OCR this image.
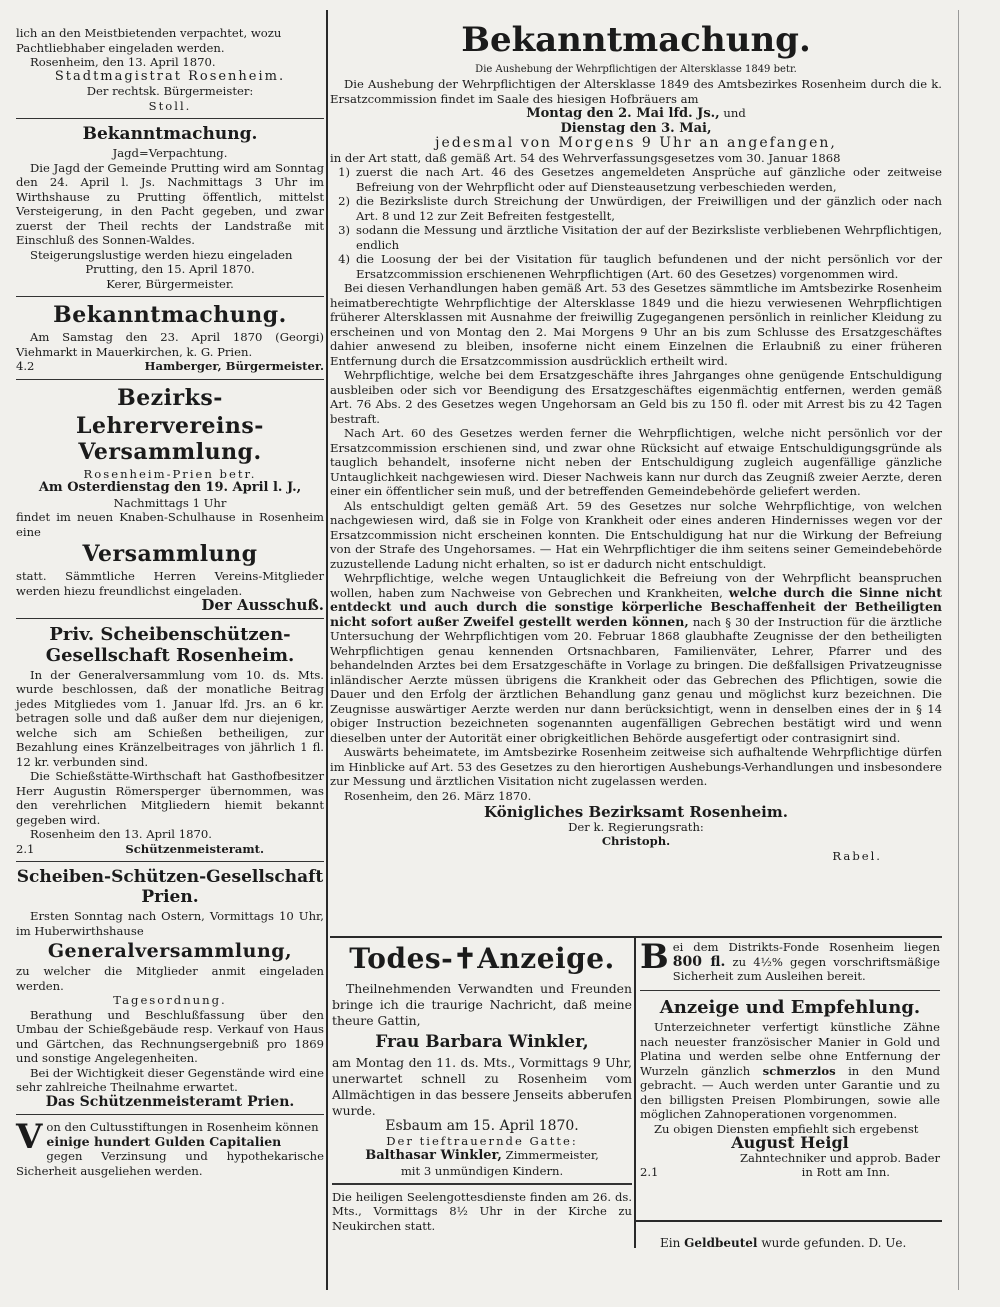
lich an den Meistbietenden verpachtet, wozu

Pachtliebhaber eingeladen werden.

Rosenheim, den 13. April 1870.

Stadtmagistrat Rosenheim.

Der rechtsk. Bürgermeister:

Stoll.

Bekanntmachung.

Jagd=Verpachtung.

Die Jagd der Gemeinde Prutting wird am Sonntag den 24. April l. Js. Nachmittags 3 Uhr im Wirthshause zu Prutting öffentlich, mittelst Versteigerung, in den Pacht gegeben, und zwar zuerst der Theil rechts der Landstraße mit Einschluß des Sonnen-Waldes.

Steigerungslustige werden hiezu eingeladen

Prutting, den 15. April 1870.

Kerer, Bürgermeister.

Bekanntmachung.

Am Samstag den 23. April 1870 (Georgi) Viehmarkt in Mauerkirchen, k. G. Prien.

4.2	Hamberger, Bürgermeister.
Bezirks-
Lehrervereins-Versammlung.

Rosenheim-Prien betr.

Am Osterdienstag den 19. April l. J.,

Nachmittags 1 Uhr

findet im neuen Knaben-Schulhause in Rosenheim eine

Versammlung

statt. Sämmtliche Herren Vereins-Mitglieder werden hiezu freundlichst eingeladen.

Der Ausschuß.

Priv. Scheibenschützen-Gesellschaft Rosenheim.

In der Generalversammlung vom 10. ds. Mts. wurde beschlossen, daß der monatliche Beitrag jedes Mitgliedes vom 1. Januar lfd. Jrs. an 6 kr. betragen solle und daß außer dem nur diejenigen, welche sich am Schießen betheiligen, zur Bezahlung eines Kränzelbeitrages von jährlich 1 fl. 12 kr. verbunden sind.

Die Schießstätte-Wirthschaft hat Gasthofbesitzer Herr Augustin Römersperger übernommen, was den verehrlichen Mitgliedern hiemit bekannt gegeben wird.

Rosenheim den 13. April 1870.

2.1	Schützenmeisteramt.
Scheiben-Schützen-Gesellschaft Prien.

Ersten Sonntag nach Ostern, Vormittags 10 Uhr, im Huberwirthshause

Generalversammlung,

zu welcher die Mitglieder anmit eingeladen werden.

Tagesordnung.

Berathung und Beschlußfassung über den Umbau der Schießgebäude resp. Verkauf von Haus und Gärtchen, das Rechnungsergebniß pro 1869 und sonstige Angelegenheiten.

Bei der Wichtigkeit dieser Gegenstände wird eine sehr zahlreiche Theilnahme erwartet.

Das Schützenmeisteramt Prien.

V on den Cultusstiftungen in Rosenheim können

einige hundert Gulden Capitalien

gegen Verzinsung und hypothekarische Sicherheit ausgeliehen werden.

Bekanntmachung.

Die Aushebung der Wehrpflichtigen der Altersklasse 1849 betr.

Die Aushebung der Wehrpflichtigen der Altersklasse 1849 des Amtsbezirkes Rosenheim durch die k. Ersatzcommission findet im Saale des hiesigen Hofbräuers am

Montag den 2. Mai lfd. Js., und

Dienstag den 3. Mai,

jedesmal von Morgens 9 Uhr an angefangen,

in der Art statt, daß gemäß Art. 54 des Wehrverfassungsgesetzes vom 30. Januar 1868

1) zuerst die nach Art. 46 des Gesetzes angemeldeten Ansprüche auf gänzliche oder zeitweise Befreiung von der Wehrpflicht oder auf Diensteausetzung verbeschieden werden,
2) die Bezirksliste durch Streichung der Unwürdigen, der Freiwilligen und der gänzlich oder nach Art. 8 und 12 zur Zeit Befreiten festgestellt,
3) sodann die Messung und ärztliche Visitation der auf der Bezirksliste verbliebenen Wehrpflichtigen, endlich
4) die Loosung der bei der Visitation für tauglich befundenen und der nicht persönlich vor der Ersatzcommission erschienenen Wehrpflichtigen (Art. 60 des Gesetzes) vorgenommen wird.

Bei diesen Verhandlungen haben gemäß Art. 53 des Gesetzes sämmtliche im Amtsbezirke Rosenheim heimatberechtigte Wehrpflichtige der Altersklasse 1849 und die hiezu verwiesenen Wehrpflichtigen früherer Altersklassen mit Ausnahme der freiwillig Zugegangenen persönlich in reinlicher Kleidung zu erscheinen und von Montag den 2. Mai Morgens 9 Uhr an bis zum Schlusse des Ersatzgeschäftes dahier anwesend zu bleiben, insoferne nicht einem Einzelnen die Erlaubniß zu einer früheren Entfernung durch die Ersatzcommission ausdrücklich ertheilt wird.

Wehrpflichtige, welche bei dem Ersatzgeschäfte ihres Jahrganges ohne genügende Entschuldigung ausbleiben oder sich vor Beendigung des Ersatzgeschäftes eigenmächtig entfernen, werden gemäß Art. 76 Abs. 2 des Gesetzes wegen Ungehorsam an Geld bis zu 150 fl. oder mit Arrest bis zu 42 Tagen bestraft.

Nach Art. 60 des Gesetzes werden ferner die Wehrpflichtigen, welche nicht persönlich vor der Ersatzcommission erschienen sind, und zwar ohne Rücksicht auf etwaige Entschuldigungsgründe als tauglich behandelt, insoferne nicht neben der Entschuldigung zugleich augenfällige gänzliche Untauglichkeit nachgewiesen wird. Dieser Nachweis kann nur durch das Zeugniß zweier Aerzte, deren einer ein öffentlicher sein muß, und der betreffenden Gemeindebehörde geliefert werden.

Als entschuldigt gelten gemäß Art. 59 des Gesetzes nur solche Wehrpflichtige, von welchen nachgewiesen wird, daß sie in Folge von Krankheit oder eines anderen Hindernisses wegen vor der Ersatzcommission nicht erscheinen konnten. Die Entschuldigung hat nur die Wirkung der Befreiung von der Strafe des Ungehorsames. — Hat ein Wehrpflichtiger die ihm seitens seiner Gemeindebehörde zuzustellende Ladung nicht erhalten, so ist er dadurch nicht entschuldigt.

Wehrpflichtige, welche wegen Untauglichkeit die Befreiung von der Wehrpflicht beanspruchen wollen, haben zum Nachweise von Gebrechen und Krankheiten, welche durch die Sinne nicht entdeckt und auch durch die sonstige körperliche Beschaffenheit der Betheiligten nicht sofort außer Zweifel gestellt werden können, nach § 30 der Instruction für die ärztliche Untersuchung der Wehrpflichtigen vom 20. Februar 1868 glaubhafte Zeugnisse der den betheiligten Wehrpflichtigen genau kennenden Ortsnachbaren, Familienväter, Lehrer, Pfarrer und des behandelnden Arztes bei dem Ersatzgeschäfte in Vorlage zu bringen. Die deßfallsigen Privatzeugnisse inländischer Aerzte müssen übrigens die Krankheit oder das Gebrechen des Pflichtigen, sowie die Dauer und den Erfolg der ärztlichen Behandlung ganz genau und möglichst kurz bezeichnen. Die Zeugnisse auswärtiger Aerzte werden nur dann berücksichtigt, wenn in denselben eines der in § 14 obiger Instruction bezeichneten sogenannten augenfälligen Gebrechen bestätigt wird und wenn dieselben unter der Autorität einer obrigkeitlichen Behörde ausgefertigt oder contrasignirt sind.

Auswärts beheimatete, im Amtsbezirke Rosenheim zeitweise sich aufhaltende Wehrpflichtige dürfen im Hinblicke auf Art. 53 des Gesetzes zu den hierortigen Aushebungs-Verhandlungen und insbesondere zur Messung und ärztlichen Visitation nicht zugelassen werden.

Rosenheim, den 26. März 1870.

Königliches Bezirksamt Rosenheim.

Der k. Regierungsrath:

Christoph.

Rabel.

Todes-✝Anzeige.

Theilnehmenden Verwandten und Freunden bringe ich die traurige Nachricht, daß meine theure Gattin,

Frau Barbara Winkler,

am Montag den 11. ds. Mts., Vormittags 9 Uhr, unerwartet schnell zu Rosenheim vom Allmächtigen in das bessere Jenseits abberufen wurde.

Esbaum am 15. April 1870.

Der tieftrauernde Gatte:

Balthasar Winkler, Zimmermeister,

mit 3 unmündigen Kindern.

Die heiligen Seelengottesdienste finden am 26. ds. Mts., Vormittags 8½ Uhr in der Kirche zu Neukirchen statt.

B ei dem Distrikts-Fonde Rosenheim liegen 800 fl. zu 4½% gegen vorschriftsmäßige Sicherheit zum Ausleihen bereit.

Anzeige und Empfehlung.

Unterzeichneter verfertigt künstliche Zähne nach neuester französischer Manier in Gold und Platina und werden selbe ohne Entfernung der Wurzeln gänzlich schmerzlos in den Mund gebracht. — Auch werden unter Garantie und zu den billigsten Preisen Plombirungen, sowie alle möglichen Zahnoperationen vorgenommen.

Zu obigen Diensten empfiehlt sich ergebenst

August Heigl

Zahntechniker und approb. Bader

2.1	in Rott am Inn.

Ein Geldbeutel wurde gefunden. D. Ue.
